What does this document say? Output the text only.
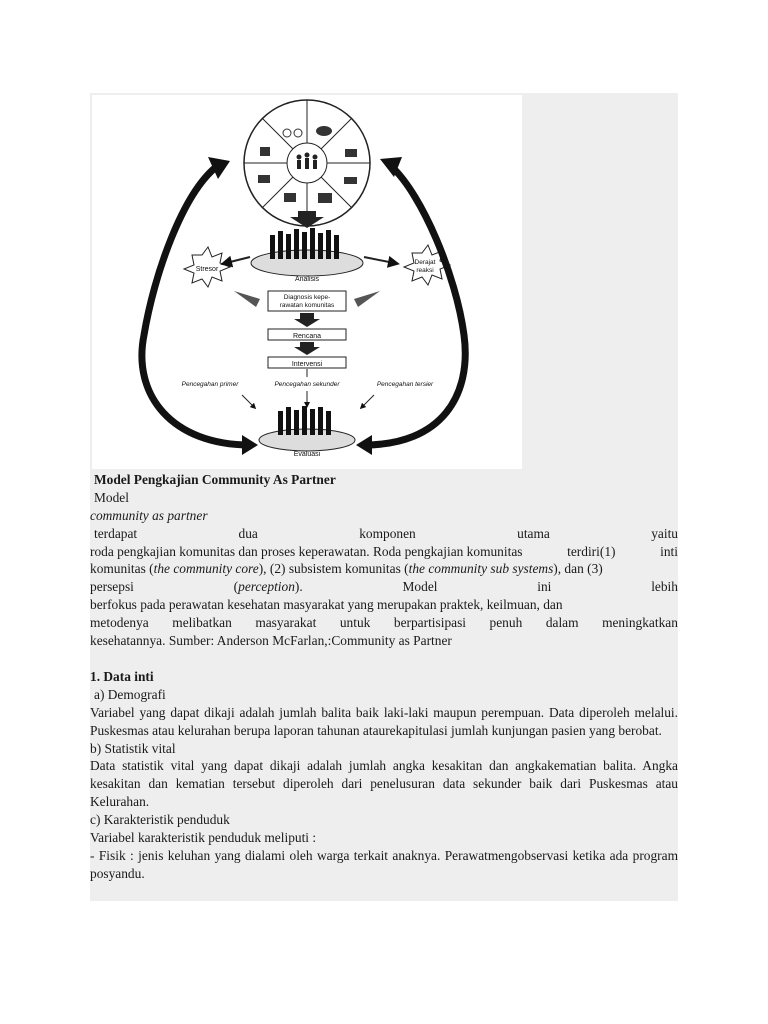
Analisis
Stresor
Derajat
reaksi
Diagnosis kepe-
rawatan komunitas
Rencana
Intervensi
Pencegahan primer	Pencegahan sekunder	Pencegahan tersier
Evaluasi
Model Pengkajian Community As Partner
Model
community as partner
terdapat	dua	komponen	utama	yaitu
roda pengkajian komunitas dan proses keperawatan. Roda pengkajian komunitas	terdiri(1)	inti
komunitas (the community core), (2) subsistem komunitas (the community sub systems), dan (3)
persepsi	(perception).	Model	ini	lebih
berfokus pada perawatan kesehatan masyarakat yang merupakan praktek, keilmuan, dan
metodenya melibatkan masyarakat untuk berpartisipasi penuh dalam meningkatkan
kesehatannya. Sumber: Anderson McFarlan,:Community as Partner
1. Data inti
a) Demografi
Variabel yang dapat dikaji adalah jumlah balita baik laki-laki maupun perempuan. Data diperoleh melalui. Puskesmas atau kelurahan berupa laporan tahunan ataurekapitulasi jumlah kunjungan pasien yang berobat.
b) Statistik vital
Data statistik vital yang dapat dikaji adalah jumlah angka kesakitan dan angkakematian balita. Angka kesakitan dan kematian tersebut diperoleh dari penelusuran data sekunder baik dari Puskesmas atau Kelurahan.
c) Karakteristik penduduk
Variabel karakteristik penduduk meliputi :
- Fisik : jenis keluhan yang dialami oleh warga terkait anaknya. Perawatmengobservasi ketika ada program posyandu.
